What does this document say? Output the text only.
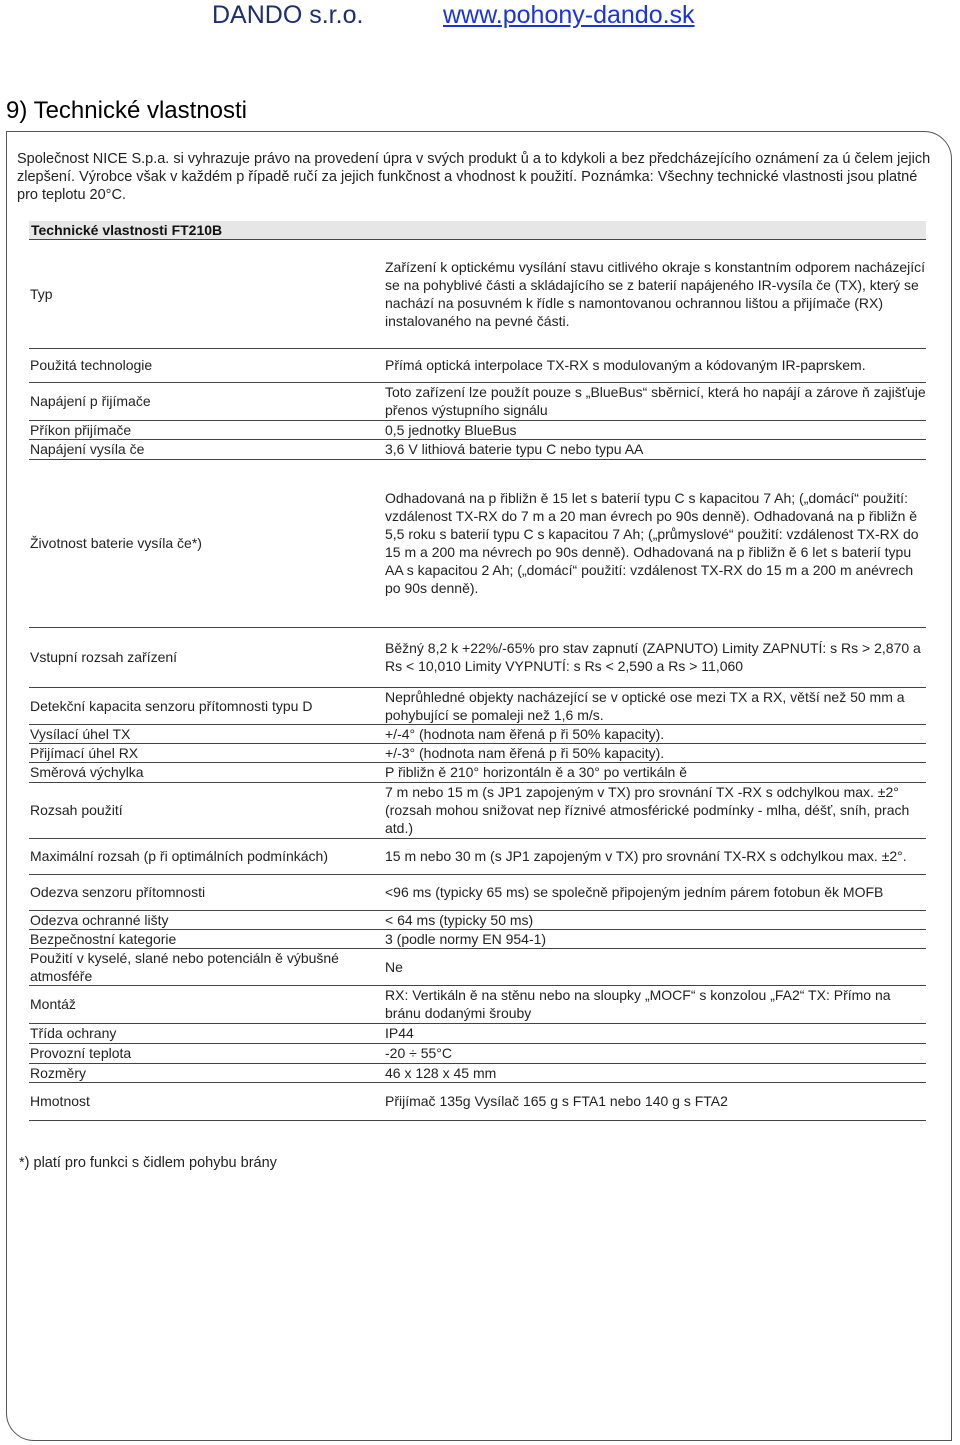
DANDO s.r.o.	www.pohony-dando.sk
9) Technické vlastnosti
Společnost NICE S.p.a. si vyhrazuje právo na provedení úpra v svých produkt ů a to kdykoli a bez předcházejícího oznámení za ú čelem jejich zlepšení. Výrobce však v každém p řípadě ručí za jejich funkčnost a vhodnost k použití. Poznámka: Všechny technické vlastnosti jsou platné pro teplotu 20°C.
Technické vlastnosti FT210B
Typ	Zařízení k optickému vysílání stavu citlivého okraje s konstantním odporem nacházející se na pohyblivé části a skládajícího se z baterií napájeného IR-vysíla če (TX), který se nachází na posuvném k řídle s namontovanou ochrannou lištou a přijímače (RX) instalovaného na pevné části.
Použitá technologie	Přímá optická interpolace TX-RX s modulovaným a kódovaným IR-paprskem.
Napájení p řijímače	Toto zařízení lze použít pouze s „BlueBus“ sběrnicí, která ho napájí a zárove ň zajišťuje přenos výstupního signálu
Příkon přijímače	0,5 jednotky BlueBus
Napájení vysíla če	3,6 V lithiová baterie typu C nebo typu AA
Životnost baterie vysíla če*)	Odhadovaná na p řibližn ě 15 let s baterií typu C s kapacitou 7 Ah; („domácí“ použití: vzdálenost TX-RX do 7 m a 20 man évrech po 90s denně). Odhadovaná na p řibližn ě 5,5 roku s baterií typu C s kapacitou 7 Ah; („průmyslové“ použití: vzdálenost TX-RX do 15 m a 200 ma névrech po 90s denně). Odhadovaná na p řibližn ě 6 let s baterií typu AA s kapacitou 2 Ah; („domácí“ použití: vzdálenost TX-RX do 15 m a 200 m anévrech po 90s denně).
Vstupní rozsah zařízení	Běžný 8,2 k +22%/-65% pro stav zapnutí (ZAPNUTO) Limity ZAPNUTÍ: s Rs > 2,870 a Rs < 10,010 Limity VYPNUTÍ: s Rs < 2,590 a Rs > 11,060
Detekční kapacita senzoru přítomnosti typu D	Neprůhledné objekty nacházející se v optické ose mezi TX a RX, větší než 50 mm a pohybující se pomaleji než 1,6 m/s.
Vysílací úhel TX	+/-4° (hodnota nam ěřená p ři 50% kapacity).
Přijímací úhel RX	+/-3° (hodnota nam ěřená p ři 50% kapacity).
Směrová výchylka	P řibližn ě 210° horizontáln ě a 30° po vertikáln ě
Rozsah použití	7 m nebo 15 m (s JP1 zapojeným v TX) pro srovnání TX -RX s odchylkou max. ±2° (rozsah mohou snižovat nep říznivé atmosférické podmínky - mlha, déšť, sníh, prach atd.)
Maximální rozsah (p ři optimálních podmínkách)	15 m nebo 30 m (s JP1 zapojeným v TX) pro srovnání TX-RX s odchylkou max. ±2°.
Odezva senzoru přítomnosti	<96 ms (typicky 65 ms) se společně připojeným jedním párem fotobun ěk MOFB
Odezva ochranné lišty	< 64 ms (typicky 50 ms)
Bezpečnostní kategorie	3 (podle normy EN 954-1)
Použití v kyselé, slané nebo potenciáln ě výbušné atmosféře	Ne
Montáž	RX: Vertikáln ě na stěnu nebo na sloupky „MOCF“ s konzolou „FA2“ TX: Přímo na bránu dodanými šrouby
Třída ochrany	IP44
Provozní teplota	-20 ÷ 55°C
Rozměry	46 x 128 x 45 mm
Hmotnost	Přijímač 135g Vysílač 165 g s FTA1 nebo 140 g s FTA2
*) platí pro funkci s čidlem pohybu brány
